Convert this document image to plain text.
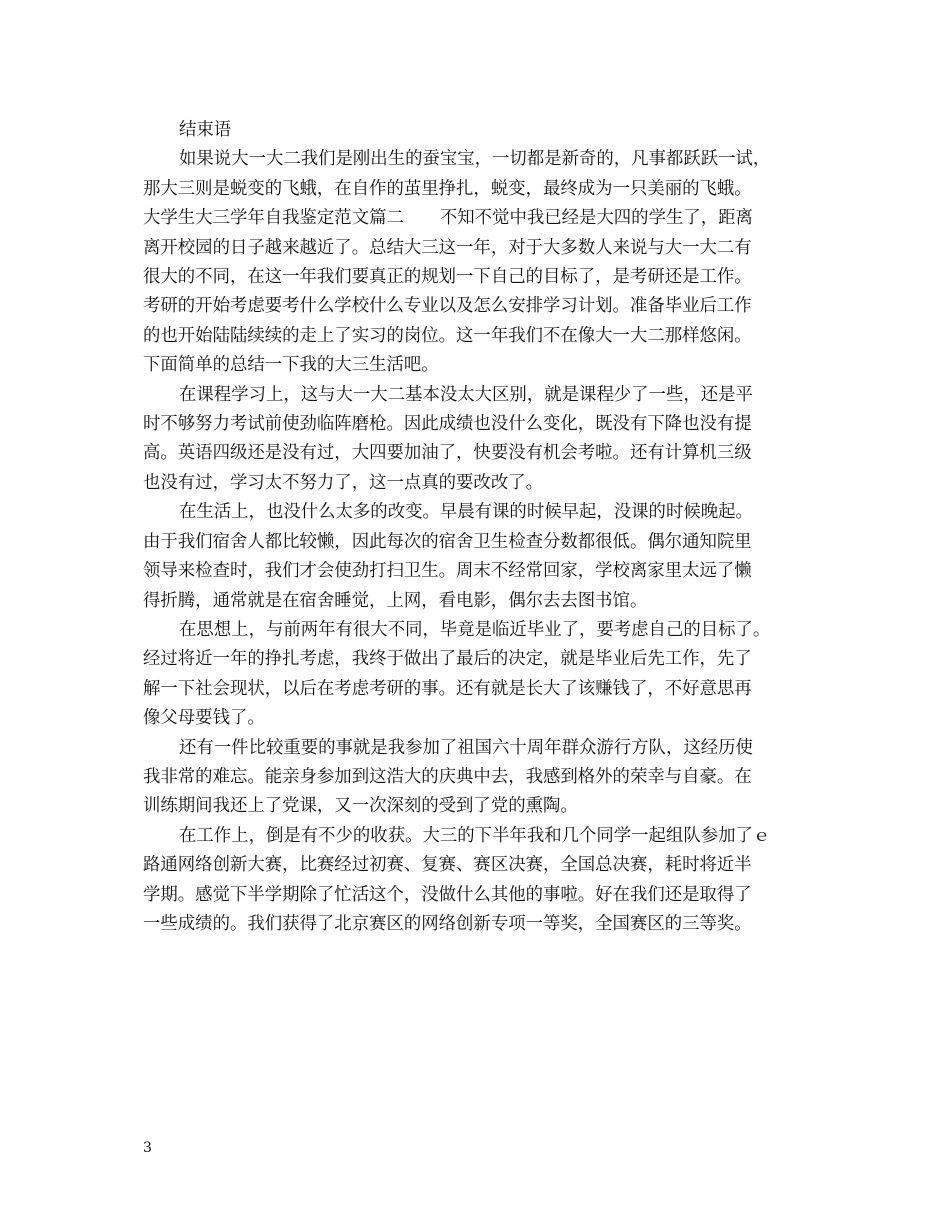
结束语
如果说大一大二我们是刚出生的蚕宝宝，一切都是新奇的，凡事都跃跃一试，
那大三则是蜕变的飞蛾，在自作的茧里挣扎，蜕变，最终成为一只美丽的飞蛾。
大学生大三学年自我鉴定范文篇二 不知不觉中我已经是大四的学生了，距离
离开校园的日子越来越近了。总结大三这一年，对于大多数人来说与大一大二有
很大的不同，在这一年我们要真正的规划一下自己的目标了，是考研还是工作。
考研的开始考虑要考什么学校什么专业以及怎么安排学习计划。准备毕业后工作
的也开始陆陆续续的走上了实习的岗位。这一年我们不在像大一大二那样悠闲。
下面简单的总结一下我的大三生活吧。
在课程学习上，这与大一大二基本没太大区别，就是课程少了一些，还是平
时不够努力考试前使劲临阵磨枪。因此成绩也没什么变化，既没有下降也没有提
高。英语四级还是没有过，大四要加油了，快要没有机会考啦。还有计算机三级
也没有过，学习太不努力了，这一点真的要改改了。
在生活上，也没什么太多的改变。早晨有课的时候早起，没课的时候晚起。
由于我们宿舍人都比较懒，因此每次的宿舍卫生检查分数都很低。偶尔通知院里
领导来检查时，我们才会使劲打扫卫生。周末不经常回家，学校离家里太远了懒
得折腾，通常就是在宿舍睡觉，上网，看电影，偶尔去去图书馆。
在思想上，与前两年有很大不同，毕竟是临近毕业了，要考虑自己的目标了。
经过将近一年的挣扎考虑，我终于做出了最后的决定，就是毕业后先工作，先了
解一下社会现状，以后在考虑考研的事。还有就是长大了该赚钱了，不好意思再
像父母要钱了。
还有一件比较重要的事就是我参加了祖国六十周年群众游行方队，这经历使
我非常的难忘。能亲身参加到这浩大的庆典中去，我感到格外的荣幸与自豪。在
训练期间我还上了党课，又一次深刻的受到了党的熏陶。
在工作上，倒是有不少的收获。大三的下半年我和几个同学一起组队参加了ｅ
路通网络创新大赛，比赛经过初赛、复赛、赛区决赛，全国总决赛，耗时将近半
学期。感觉下半学期除了忙活这个，没做什么其他的事啦。好在我们还是取得了
一些成绩的。我们获得了北京赛区的网络创新专项一等奖，全国赛区的三等奖。
3
